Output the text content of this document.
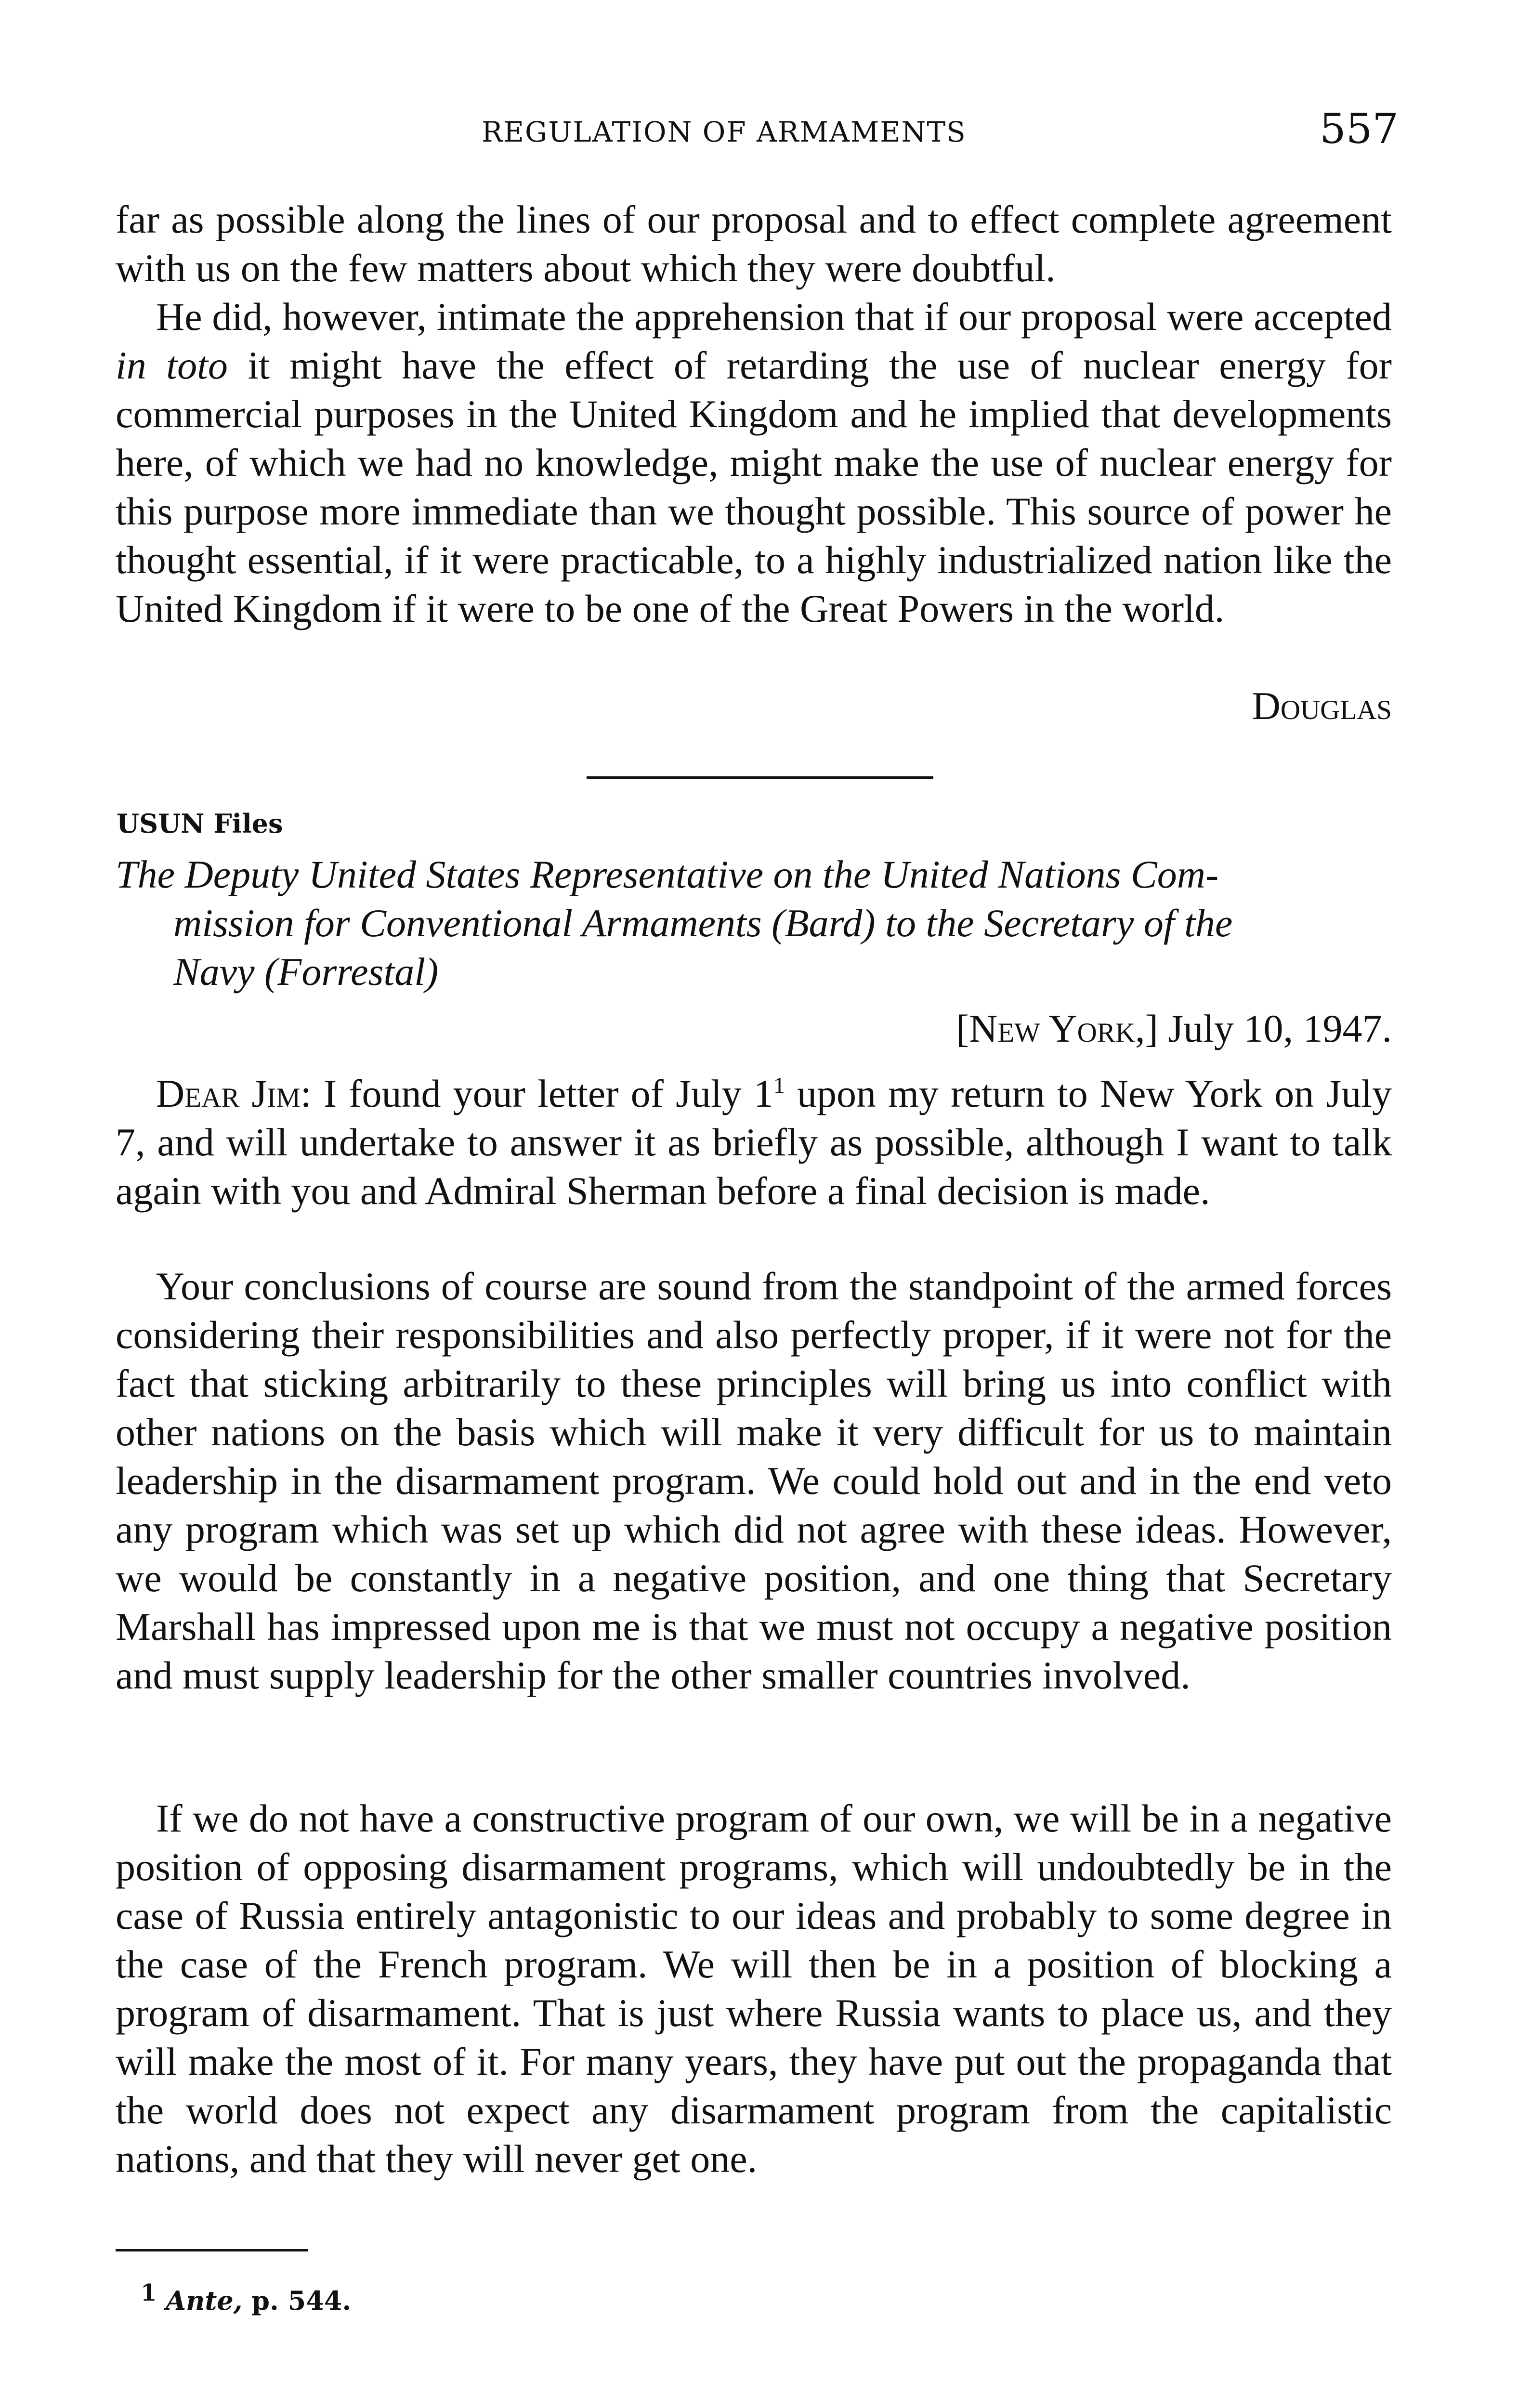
REGULATION OF ARMAMENTS	557

far as possible along the lines of our proposal and to effect complete agreement with us on the few matters about which they were doubtful.

He did, however, intimate the apprehension that if our proposal were accepted in toto it might have the effect of retarding the use of nuclear energy for commercial purposes in the United Kingdom and he implied that developments here, of which we had no knowledge, might make the use of nuclear energy for this purpose more immediate than we thought possible. This source of power he thought essential, if it were practicable, to a highly industrialized nation like the United Kingdom if it were to be one of the Great Powers in the world.

Douglas

USUN Files
The Deputy United States Representative on the United Nations Com-
mission for Conventional Armaments (Bard) to the Secretary of the
Navy (Forrestal)

[New York,] July 10, 1947.

Dear Jim: I found your letter of July $1^1$ upon my return to New York on July 7, and will undertake to answer it as briefly as possible, although I want to talk again with you and Admiral Sherman before a final decision is made.

Your conclusions of course are sound from the standpoint of the armed forces considering their responsibilities and also perfectly proper, if it were not for the fact that sticking arbitrarily to these principles will bring us into conflict with other nations on the basis which will make it very difficult for us to maintain leadership in the disarmament program. We could hold out and in the end veto any program which was set up which did not agree with these ideas. However, we would be constantly in a negative position, and one thing that Secretary Marshall has impressed upon me is that we must not occupy a negative position and must supply leadership for the other smaller countries involved.

If we do not have a constructive program of our own, we will be in a negative position of opposing disarmament programs, which will undoubtedly be in the case of Russia entirely antagonistic to our ideas and probably to some degree in the case of the French program. We will then be in a position of blocking a program of disarmament. That is just where Russia wants to place us, and they will make the most of it. For many years, they have put out the propaganda that the world does not expect any disarmament program from the capitalistic nations, and that they will never get one.

$^1$ Ante, p. 544.
